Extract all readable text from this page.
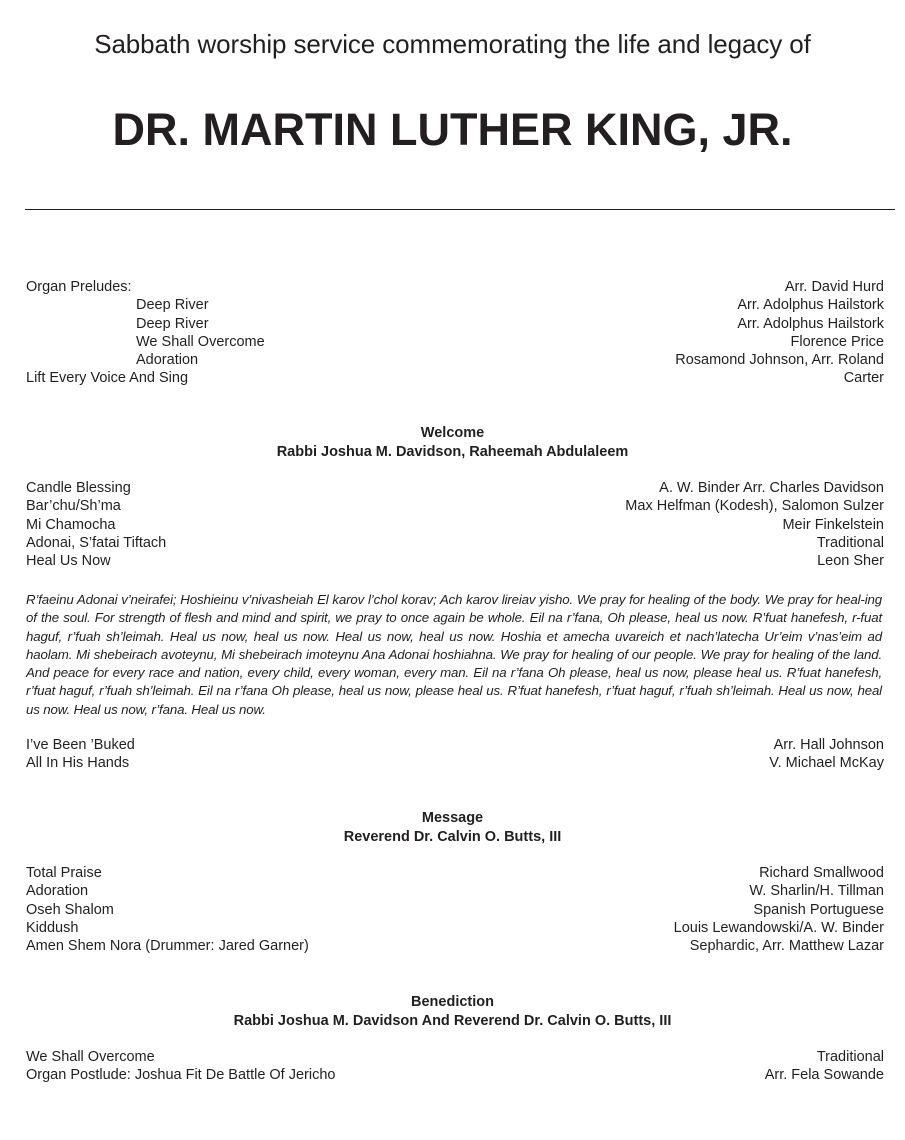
Sabbath worship service commemorating the life and legacy of
DR. MARTIN LUTHER KING, JR.
Organ Preludes:	Arr. David Hurd
Deep River	Arr. Adolphus Hailstork
Deep River	Arr. Adolphus Hailstork
We Shall Overcome	Florence Price
Adoration	Rosamond Johnson, Arr. Roland
Lift Every Voice And Sing	Carter
Welcome
Rabbi Joshua M. Davidson, Raheemah Abdulaleem
Candle Blessing	A. W. Binder Arr. Charles Davidson
Bar’chu/Sh’ma	Max Helfman (Kodesh), Salomon Sulzer
Mi Chamocha	Meir Finkelstein
Adonai, S’fatai Tiftach	Traditional
Heal Us Now	Leon Sher
R’faeinu Adonai v’neirafei; Hoshieinu v’nivasheiah El karov l’chol korav; Ach karov lireiav yisho. We pray for healing of the body. We pray for heal-ing of the soul. For strength of flesh and mind and spirit, we pray to once again be whole. Eil na r’fana, Oh please, heal us now. R’fuat hanefesh, r-fuat haguf, r’fuah sh’leimah. Heal us now, heal us now. Heal us now, heal us now. Hoshia et amecha uvareich et nach’latecha Ur’eim v’nas’eim ad haolam. Mi shebeirach avoteynu, Mi shebeirach imoteynu Ana Adonai hoshiahna. We pray for healing of our people. We pray for healing of the land. And peace for every race and nation, every child, every woman, every man. Eil na r’fana Oh please, heal us now, please heal us. R’fuat hanefesh, r’fuat haguf, r’fuah sh’leimah. Eil na r’fana Oh please, heal us now, please heal us. R’fuat hanefesh, r’fuat haguf, r’fuah sh’leimah. Heal us now, heal us now. Heal us now, r’fana. Heal us now.
I’ve Been ’Buked	Arr. Hall Johnson
All In His Hands	V. Michael McKay
Message
Reverend Dr. Calvin O. Butts, III
Total Praise	Richard Smallwood
Adoration	W. Sharlin/H. Tillman
Oseh Shalom	Spanish Portuguese
Kiddush	Louis Lewandowski/A. W. Binder
Amen Shem Nora (Drummer: Jared Garner)	Sephardic, Arr. Matthew Lazar
Benediction
Rabbi Joshua M. Davidson And Reverend Dr. Calvin O. Butts, III
We Shall Overcome	Traditional
Organ Postlude: Joshua Fit De Battle Of Jericho	Arr. Fela Sowande
